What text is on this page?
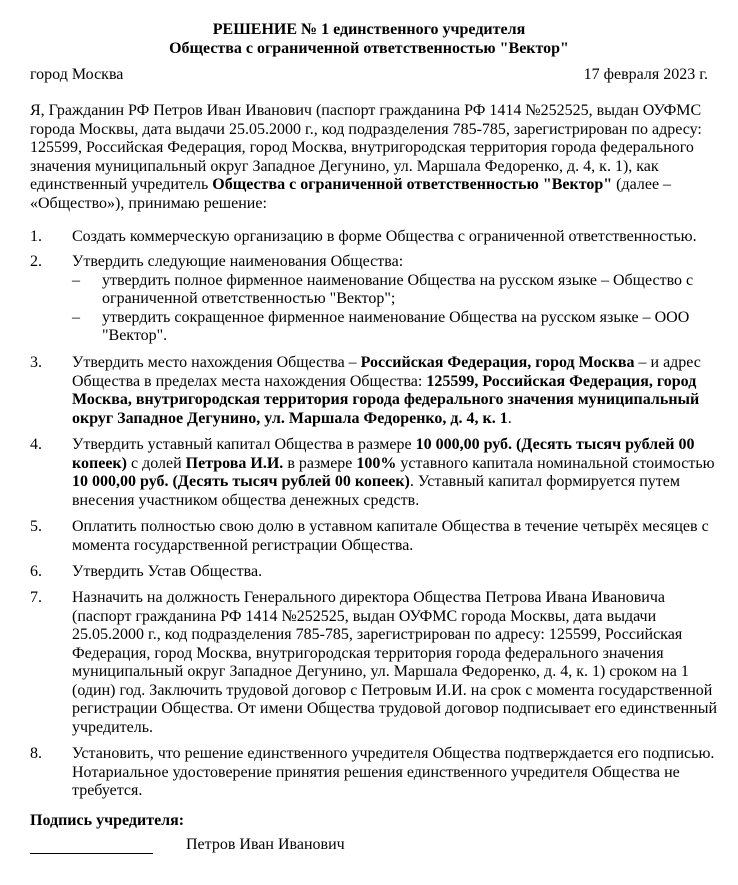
РЕШЕНИЕ № 1 единственного учредителя
Общества с ограниченной ответственностью "Вектор"
город Москва	17 февраля 2023 г.
Я, Гражданин РФ Петров Иван Иванович (паспорт гражданина РФ 1414 №252525, выдан ОУФМС города Москвы, дата выдачи 25.05.2000 г., код подразделения 785-785, зарегистрирован по адресу: 125599, Российская Федерация, город Москва, внутригородская территория города федерального значения муниципальный округ Западное Дегунино, ул. Маршала Федоренко, д. 4, к. 1), как единственный учредитель Общества с ограниченной ответственностью "Вектор" (далее – «Общество»), принимаю решение:
1. Создать коммерческую организацию в форме Общества с ограниченной ответственностью.
2. Утвердить следующие наименования Общества:
– утвердить полное фирменное наименование Общества на русском языке – Общество с ограниченной ответственностью "Вектор";
– утвердить сокращенное фирменное наименование Общества на русском языке – ООО "Вектор".
3. Утвердить место нахождения Общества – Российская Федерация, город Москва – и адрес Общества в пределах места нахождения Общества: 125599, Российская Федерация, город Москва, внутригородская территория города федерального значения муниципальный округ Западное Дегунино, ул. Маршала Федоренко, д. 4, к. 1.
4. Утвердить уставный капитал Общества в размере 10 000,00 руб. (Десять тысяч рублей 00 копеек) с долей Петрова И.И. в размере 100% уставного капитала номинальной стоимостью 10 000,00 руб. (Десять тысяч рублей 00 копеек). Уставный капитал формируется путем внесения участником общества денежных средств.
5. Оплатить полностью свою долю в уставном капитале Общества в течение четырёх месяцев с момента государственной регистрации Общества.
6. Утвердить Устав Общества.
7. Назначить на должность Генерального директора Общества Петрова Ивана Ивановича (паспорт гражданина РФ 1414 №252525, выдан ОУФМС города Москвы, дата выдачи 25.05.2000 г., код подразделения 785-785, зарегистрирован по адресу: 125599, Российская Федерация, город Москва, внутригородская территория города федерального значения муниципальный округ Западное Дегунино, ул. Маршала Федоренко, д. 4, к. 1) сроком на 1 (один) год. Заключить трудовой договор с Петровым И.И. на срок с момента государственной регистрации Общества. От имени Общества трудовой договор подписывает его единственный учредитель.
8. Установить, что решение единственного учредителя Общества подтверждается его подписью. Нотариальное удостоверение принятия решения единственного учредителя Общества не требуется.
Подпись учредителя:
Петров Иван Иванович
